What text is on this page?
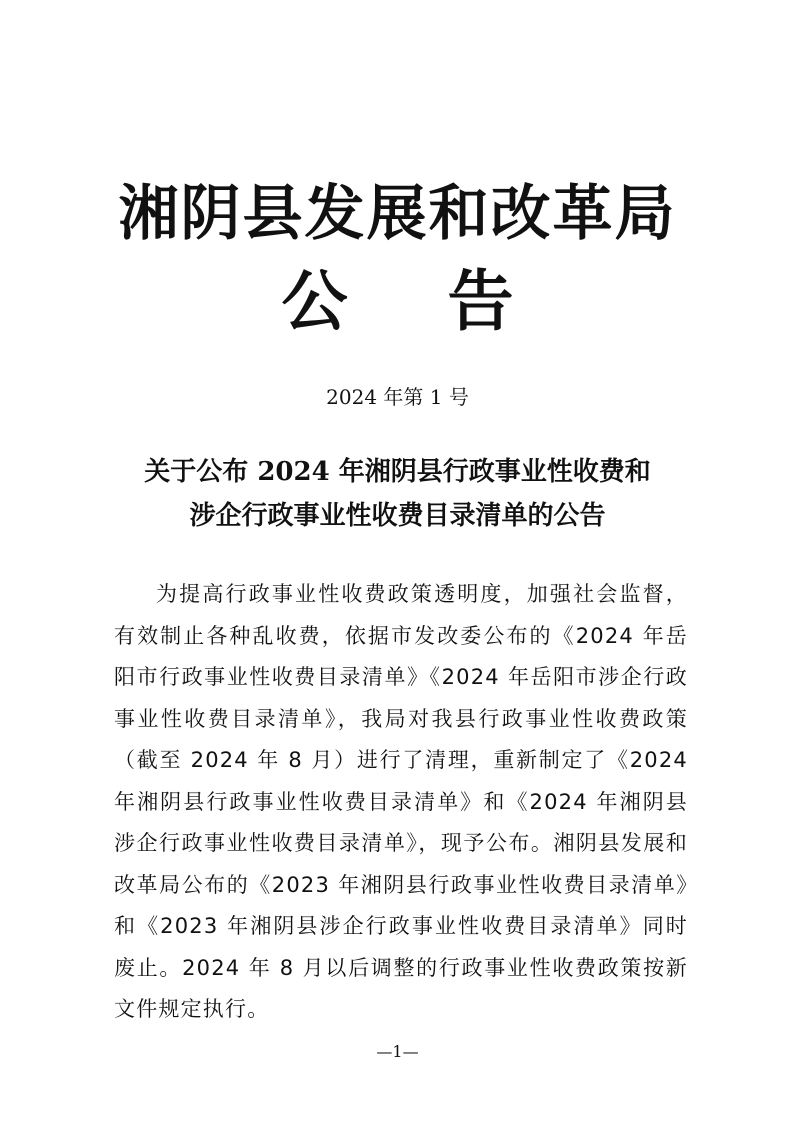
湘阴县发展和改革局
公告
2024 年第 1 号
关于公布 2024 年湘阴县行政事业性收费和
涉企行政事业性收费目录清单的公告

为提高行政事业性收费政策透明度，加强社会监督，有效制止各种乱收费，依据市发改委公布的《2024 年岳阳市行政事业性收费目录清单》《2024 年岳阳市涉企行政事业性收费目录清单》，我局对我县行政事业性收费政策（截至 2024 年 8 月）进行了清理，重新制定了《2024 年湘阴县行政事业性收费目录清单》和《2024 年湘阴县涉企行政事业性收费目录清单》，现予公布。湘阴县发展和改革局公布的《2023 年湘阴县行政事业性收费目录清单》和《2023 年湘阴县涉企行政事业性收费目录清单》同时废止。2024 年 8 月以后调整的行政事业性收费政策按新文件规定执行。

—1—
